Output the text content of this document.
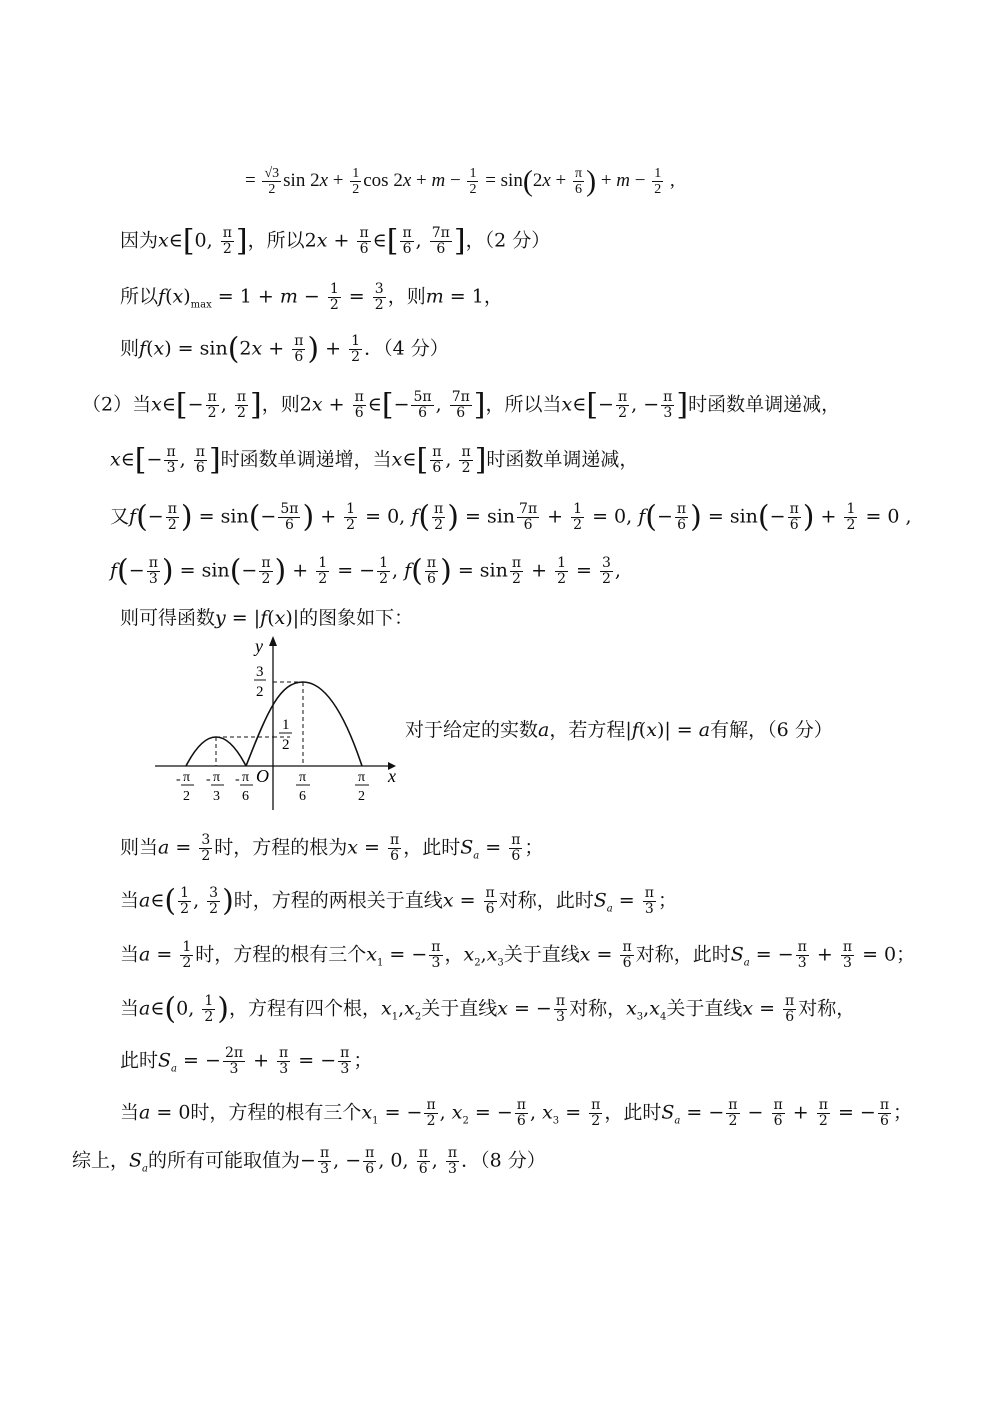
= $\frac{√3}{2}$ $\sin 2x + \frac{1}{2}$ $\cos 2x + m - \frac{1}{2} = \sin(2x + \frac{\pi}{6}$ ) + $m - \frac{1}{2}$ ,
因为x∈[0, $\frac{\pi}{2}$ ]，所以$2x + \frac{\pi}{6}$ ∈[ $\frac{\pi}{6}$ , $\frac{7\pi}{6}$ ]，（2 分）
所以$f(x)_{max} = 1 + m - \frac{1}{2} = \frac{3}{2}$ ，则m = 1，
则$f(x) = \sin(2x + \frac{\pi}{6}$ ) + $\frac{1}{2}$ ．（4 分）
（2）当x∈[− $\frac{\pi}{2}$ , $\frac{\pi}{2}$ ]，则$2x + \frac{\pi}{6}$ ∈[− $\frac{5\pi}{6}$ , $\frac{7\pi}{6}$ ]，所以当x∈[− $\frac{\pi}{2}$ , − $\frac{\pi}{3}$ ]时函数单调递减，
x∈[− $\frac{\pi}{3}$ , $\frac{\pi}{6}$ ]时函数单调递增，当x∈[ $\frac{\pi}{6}$ , $\frac{\pi}{2}$ ]时函数单调递减，
又$f(- \frac{\pi}{2}$ ) = $\sin(- \frac{5\pi}{6}$ ) + $\frac{1}{2} = 0$, $f( \frac{\pi}{2}$ ) = $\sin \frac{7\pi}{6} + \frac{1}{2} = 0$, $f(- \frac{\pi}{6}$ ) = $\sin(- \frac{\pi}{6}$ ) + $\frac{1}{2} = 0$ ,
$f(- \frac{\pi}{3}$ ) = $\sin(- \frac{\pi}{2}$ ) + $\frac{1}{2}$ = − $\frac{1}{2}$ , $f( \frac{\pi}{6}$ ) = $\sin \frac{\pi}{2} + \frac{1}{2} = \frac{3}{2}$ ,
则可得函数y = |f(x)|的图象如下：
y
x
O
3
2
1
2
- π
2
- π
3
- π
6
π
6
π
2
对于给定的实数a，若方程|f(x)| = a有解，（6 分）
则当$a = \frac{3}{2}$ 时，方程的根为$x = \frac{\pi}{6}$ ，此时$S_a = \frac{\pi}{6}$ ；
当a∈( $\frac{1}{2}$ , $\frac{3}{2}$ )时，方程的两根关于直线$x = \frac{\pi}{6}$ 对称，此时$S_a = \frac{\pi}{3}$ ；
当$a = \frac{1}{2}$ 时，方程的根有三个$x_1$ = − $\frac{\pi}{3}$ ，$x_2,x_3$关于直线$x = \frac{\pi}{6}$ 对称，此时$S_a$ = − $\frac{\pi}{3} + \frac{\pi}{3} = 0$；
当a∈(0, $\frac{1}{2}$ )，方程有四个根，$x_1,x_2$关于直线x = − $\frac{\pi}{3}$ 对称，$x_3,x_4$关于直线$x = \frac{\pi}{6}$ 对称，
此时$S_a$ = − $\frac{2\pi}{3} + \frac{\pi}{3}$ = − $\frac{\pi}{3}$ ；
当a = 0时，方程的根有三个$x_1$ = − $\frac{\pi}{2}$ , $x_2$ = − $\frac{\pi}{6}$ , $x_3 = \frac{\pi}{2}$ ，此时$S_a$ = − $\frac{\pi}{2} - \frac{\pi}{6} + \frac{\pi}{2}$ = − $\frac{\pi}{6}$ ；
综上，$S_a$的所有可能取值为− $\frac{\pi}{3}$ , − $\frac{\pi}{6}$ , 0, $\frac{\pi}{6}$ , $\frac{\pi}{3}$ ．（8 分）
